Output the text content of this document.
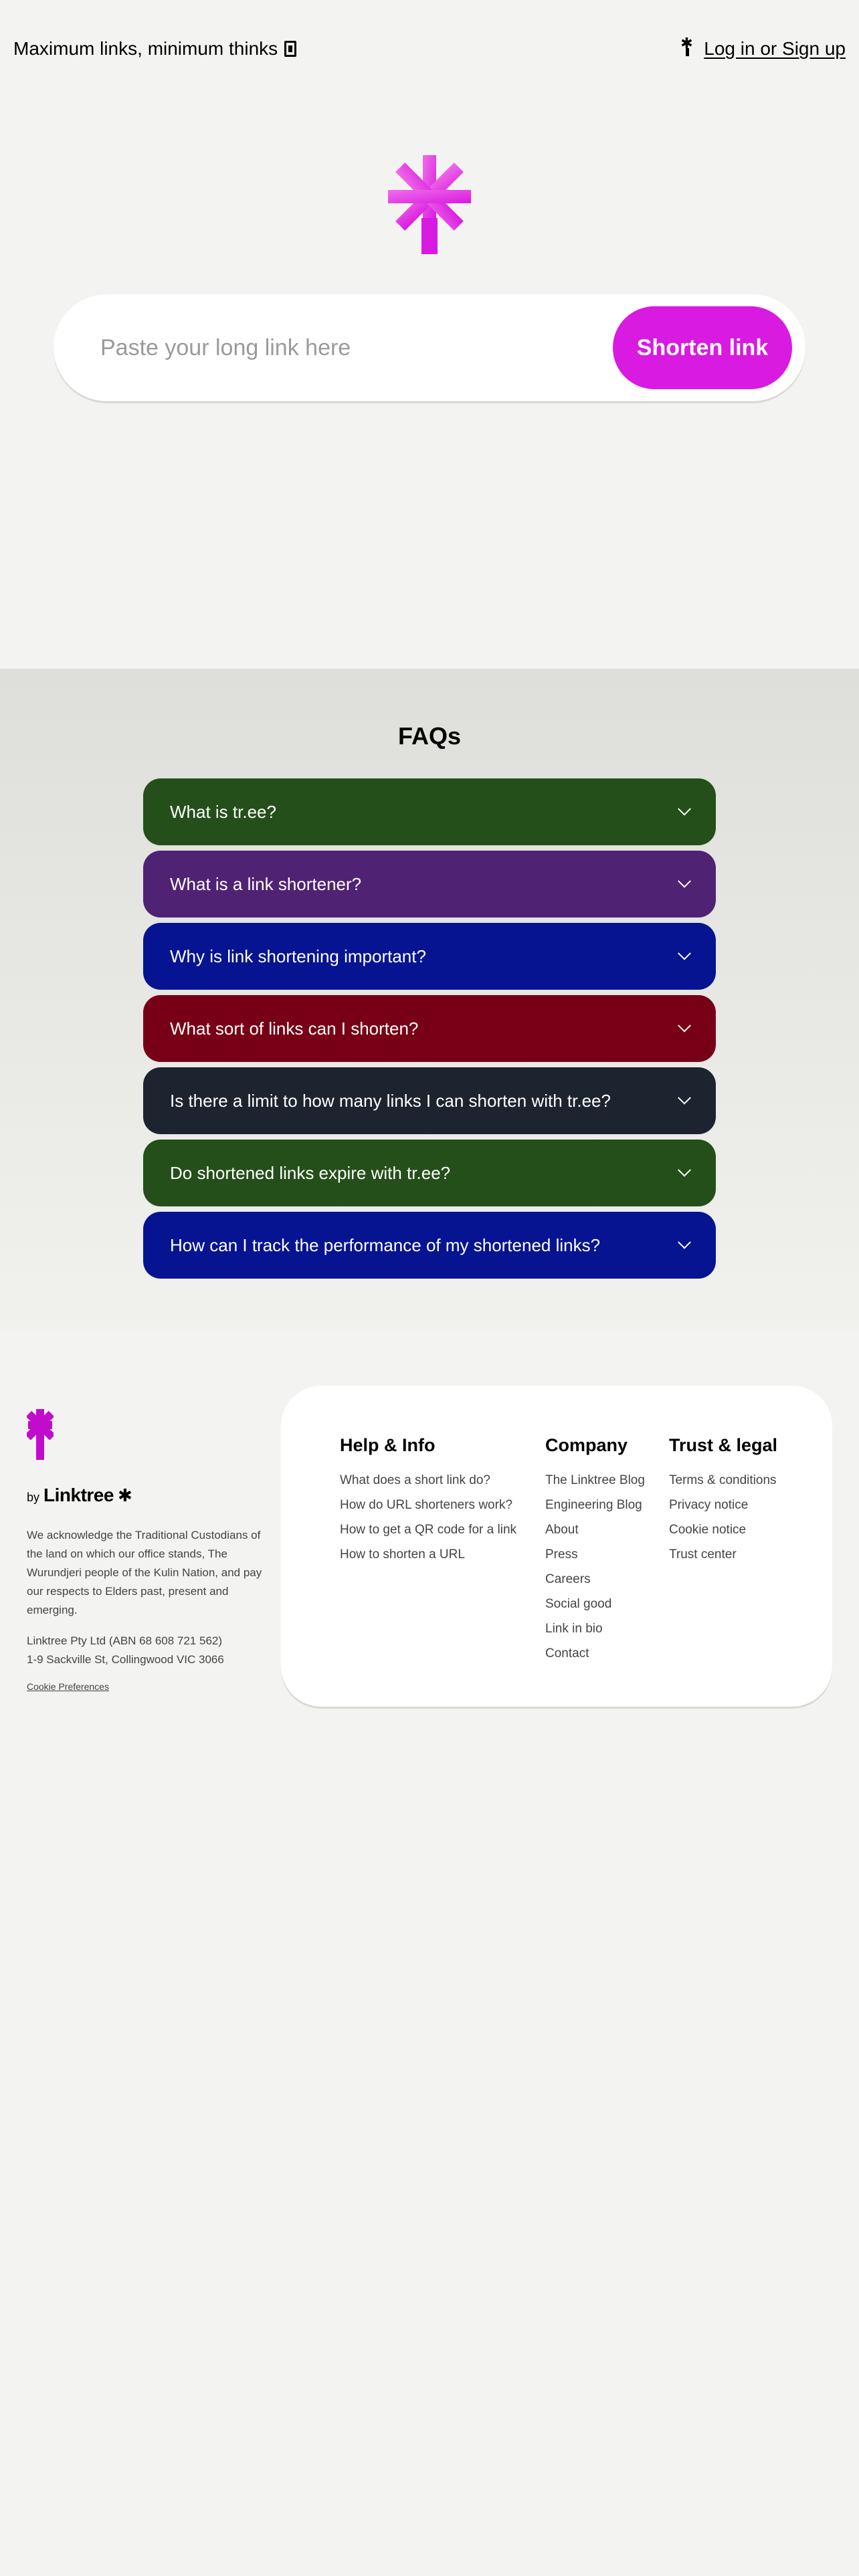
Maximum links, minimum thinks
✱	Log in or Sign up
Paste your long link here
Shorten link
FAQs
What is tr.ee?
What is a link shortener?
Why is link shortening important?
What sort of links can I shorten?
Is there a limit to how many links I can shorten with tr.ee?
Do shortened links expire with tr.ee?
How can I track the performance of my shortened links?
by Linktree ✱

We acknowledge the Traditional Custodians of the land on which our office stands, The Wurundjeri people of the Kulin Nation, and pay our respects to Elders past, present and emerging.

Linktree Pty Ltd (ABN 68 608 721 562)
1-9 Sackville St, Collingwood VIC 3066

Cookie Preferences
Help & Info
What does a short link do?
How do URL shorteners work?
How to get a QR code for a link
How to shorten a URL
Company
The Linktree Blog
Engineering Blog
About
Press
Careers
Social good
Link in bio
Contact
Trust & legal
Terms & conditions
Privacy notice
Cookie notice
Trust center
